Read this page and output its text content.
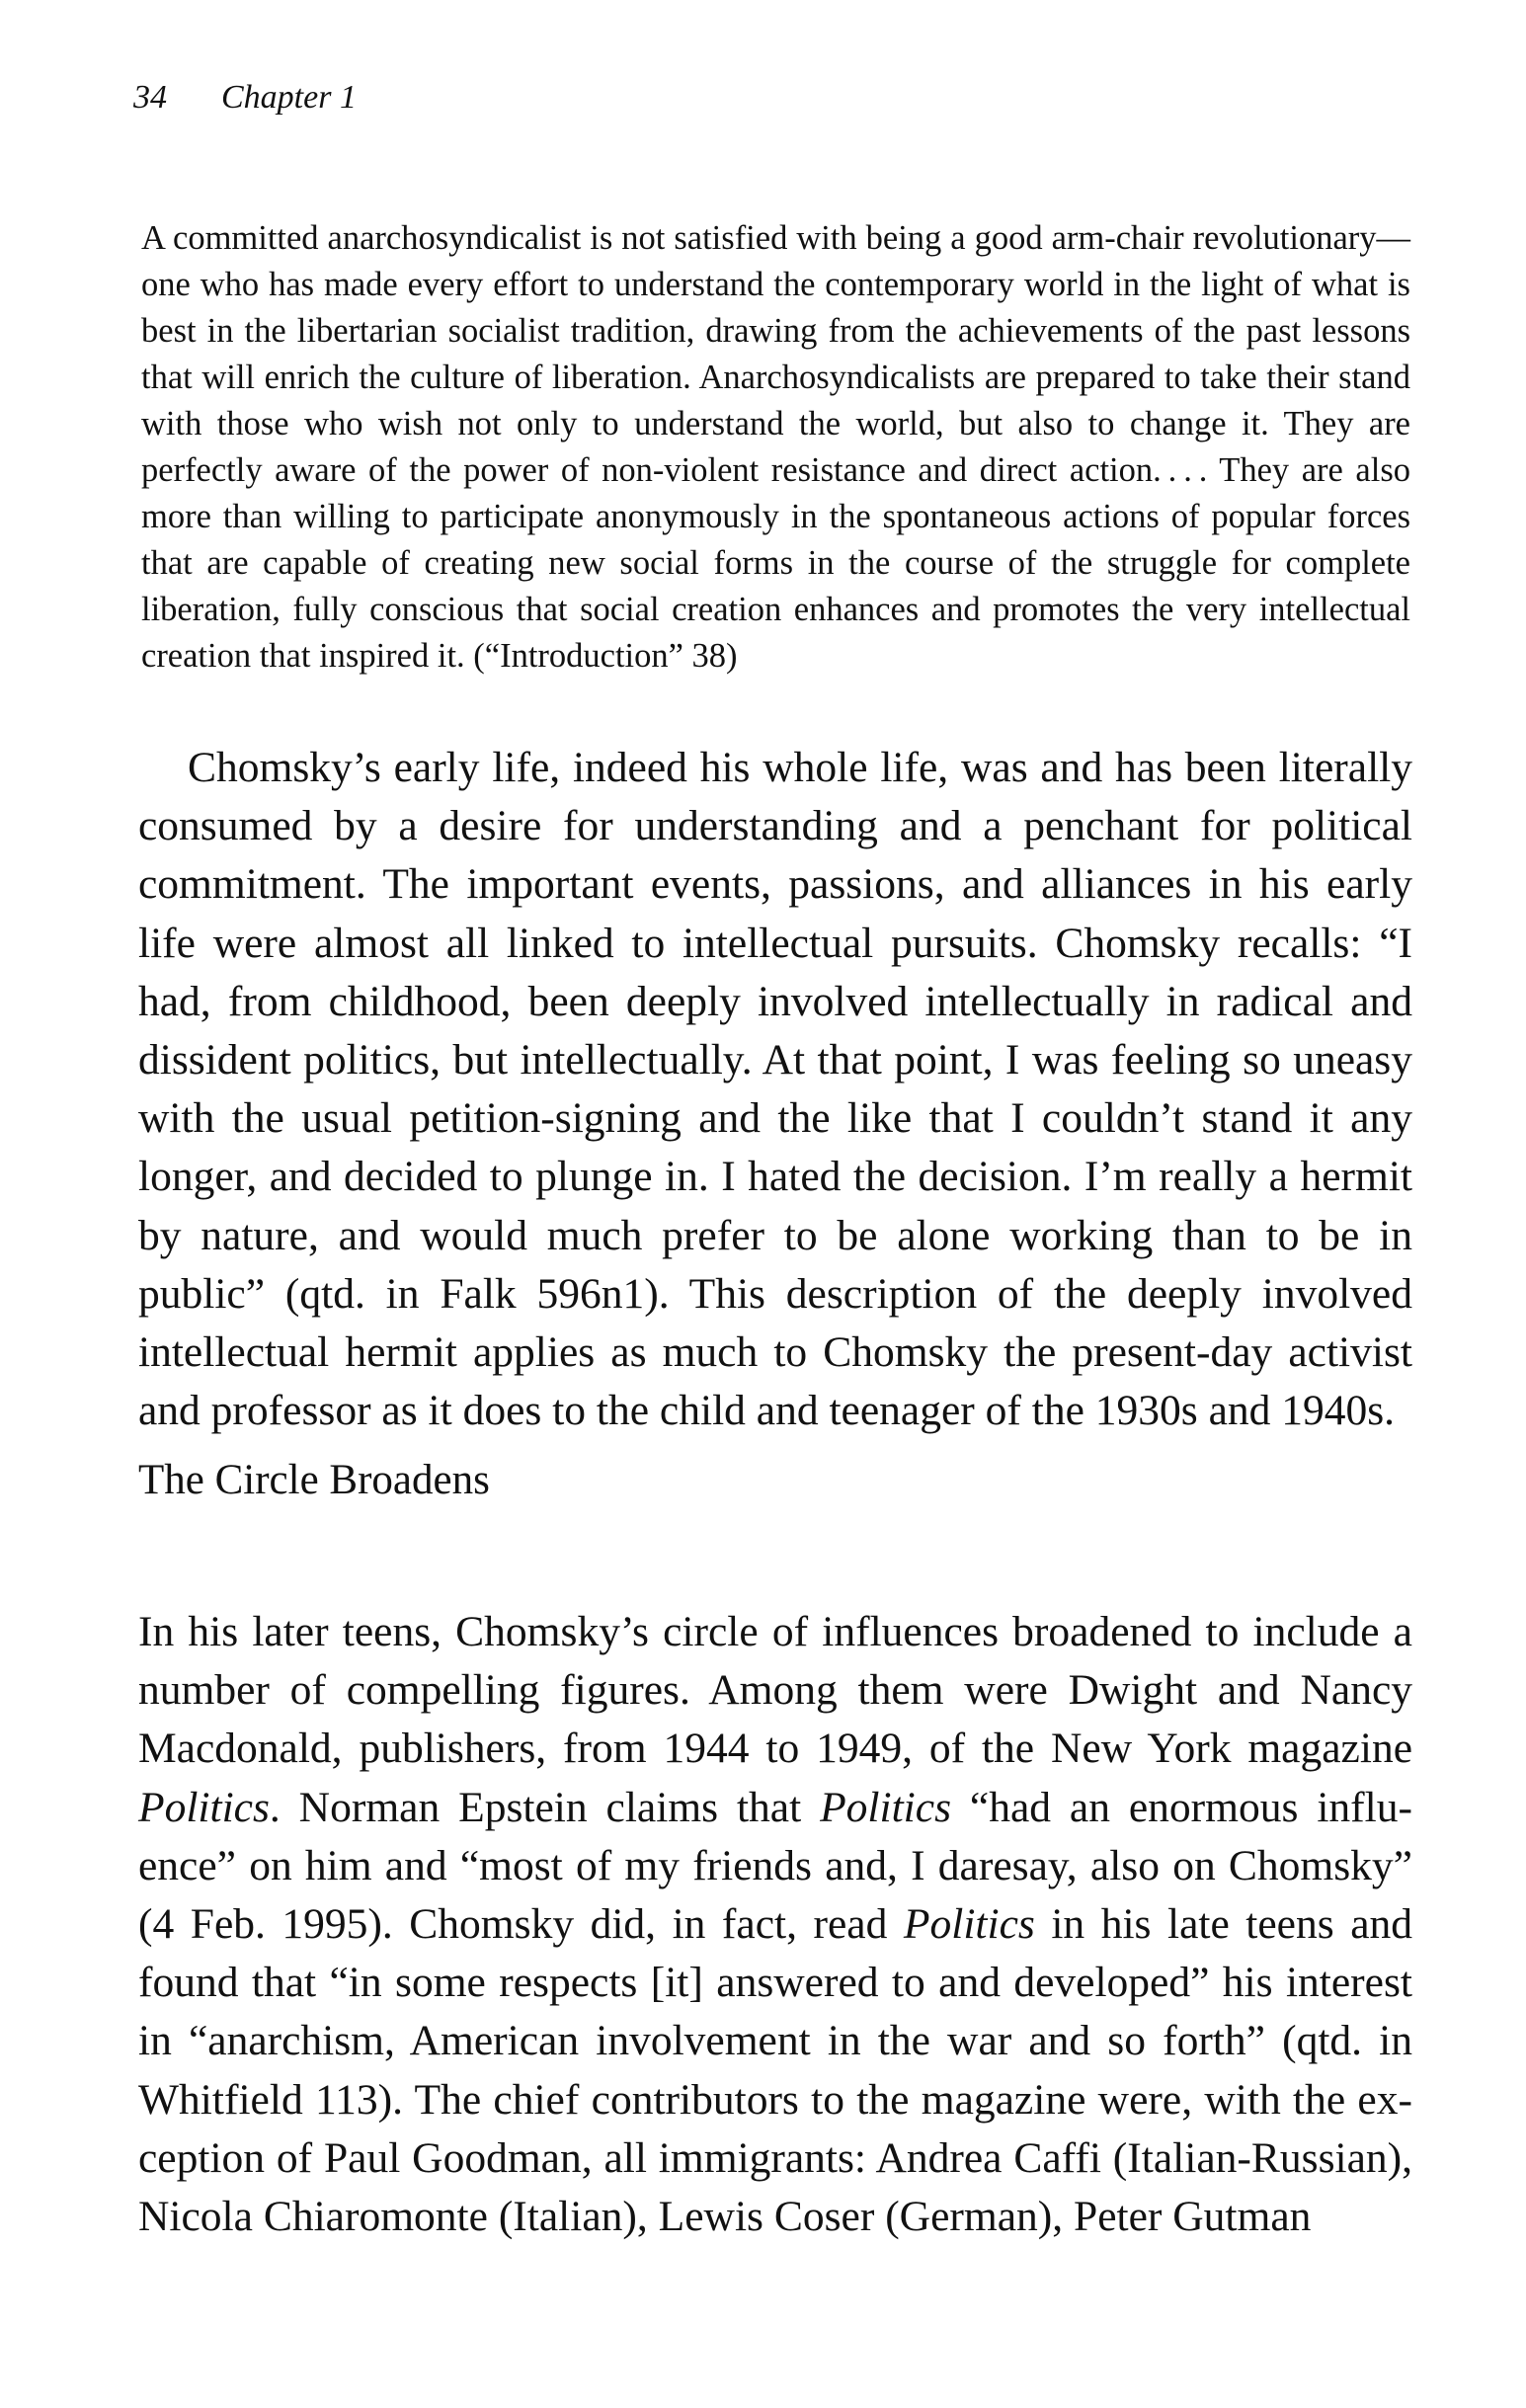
34 Chapter 1
A committed anarchosyndicalist is not satisfied with being a good arm-chair revolutionary—one who has made every effort to understand the contemporary world in the light of what is best in the libertarian socialist tradition, drawing from the achievements of the past lessons that will enrich the culture of liberation. Anarchosyndicalists are prepared to take their stand with those who wish not only to understand the world, but also to change it. They are perfectly aware of the power of non-violent resistance and direct action. . . . They are also more than willing to participate anonymously in the spontaneous actions of popular forces that are capable of creating new social forms in the course of the struggle for complete liberation, fully conscious that social creation enhances and promotes the very intellectual creation that inspired it. (“Introduction” 38)
Chomsky’s early life, indeed his whole life, was and has been literally consumed by a desire for understanding and a penchant for political commitment. The important events, passions, and alliances in his early life were almost all linked to intellectual pursuits. Chomsky recalls: “I had, from childhood, been deeply involved intellectually in radical and dissident politics, but intellectually. At that point, I was feeling so uneasy with the usual petition-signing and the like that I couldn’t stand it any longer, and decided to plunge in. I hated the decision. I’m really a hermit by nature, and would much prefer to be alone working than to be in public” (qtd. in Falk 596n1). This description of the deeply involved intellectual hermit applies as much to Chomsky the present-day activist and professor as it does to the child and teenager of the 1930s and 1940s.
The Circle Broadens
In his later teens, Chomsky’s circle of influences broadened to include a number of compelling figures. Among them were Dwight and Nancy Macdonald, publishers, from 1944 to 1949, of the New York magazine Politics. Norman Epstein claims that Politics “had an enormous influence” on him and “most of my friends and, I daresay, also on Chomsky” (4 Feb. 1995). Chomsky did, in fact, read Politics in his late teens and found that “in some respects [it] answered to and developed” his interest in “anarchism, American involvement in the war and so forth” (qtd. in Whitfield 113). The chief contributors to the magazine were, with the exception of Paul Goodman, all immigrants: Andrea Caffi (Italian-Russian), Nicola Chiaromonte (Italian), Lewis Coser (German), Peter Gutman
